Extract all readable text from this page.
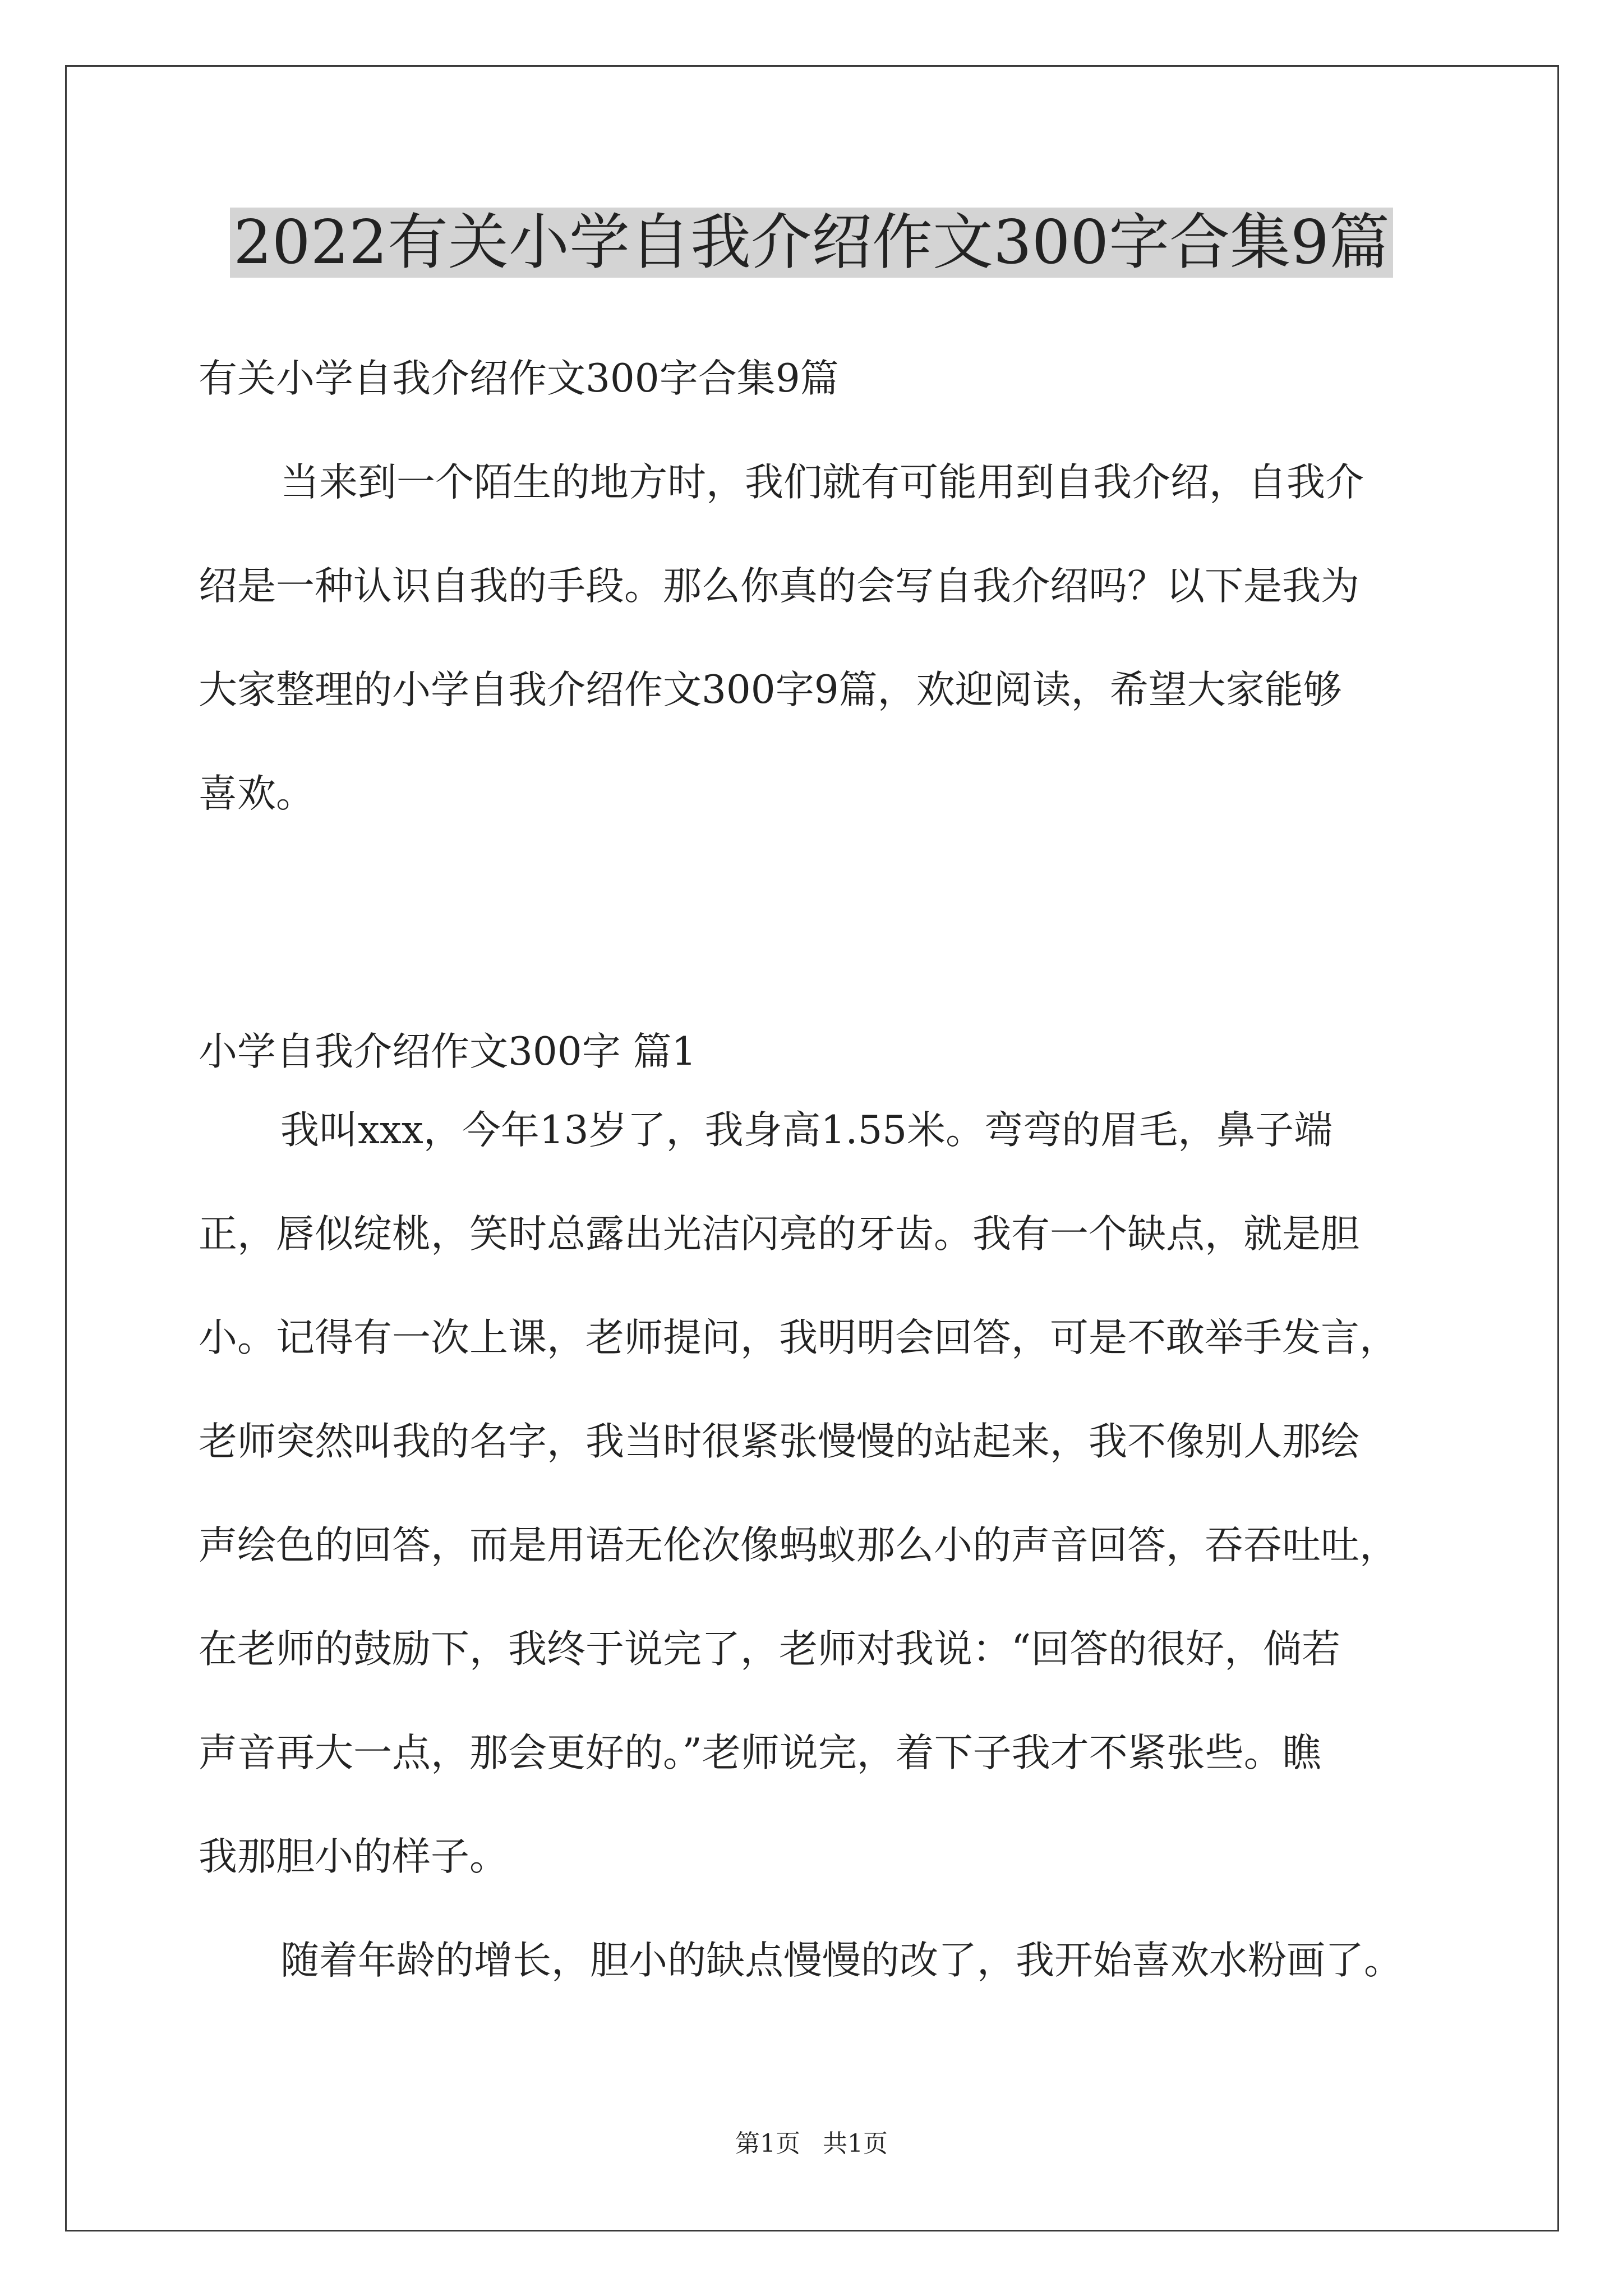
2022有关小学自我介绍作文300字合集9篇

有关小学自我介绍作文300字合集9篇

当来到一个陌生的地方时，我们就有可能用到自我介绍，自我介

绍是一种认识自我的手段。那么你真的会写自我介绍吗？以下是我为

大家整理的小学自我介绍作文300字9篇，欢迎阅读，希望大家能够

喜欢。

小学自我介绍作文300字 篇1

我叫xxx，今年13岁了，我身高1.55米。弯弯的眉毛，鼻子端

正，唇似绽桃，笑时总露出光洁闪亮的牙齿。我有一个缺点，就是胆

小。记得有一次上课，老师提问，我明明会回答，可是不敢举手发言，

老师突然叫我的名字，我当时很紧张慢慢的站起来，我不像别人那绘

声绘色的回答，而是用语无伦次像蚂蚁那么小的声音回答，吞吞吐吐，

在老师的鼓励下，我终于说完了，老师对我说：“回答的很好，倘若

声音再大一点，那会更好的。”老师说完，着下子我才不紧张些。瞧

我那胆小的样子。

随着年龄的增长，胆小的缺点慢慢的改了，我开始喜欢水粉画了。

第1页 共1页
